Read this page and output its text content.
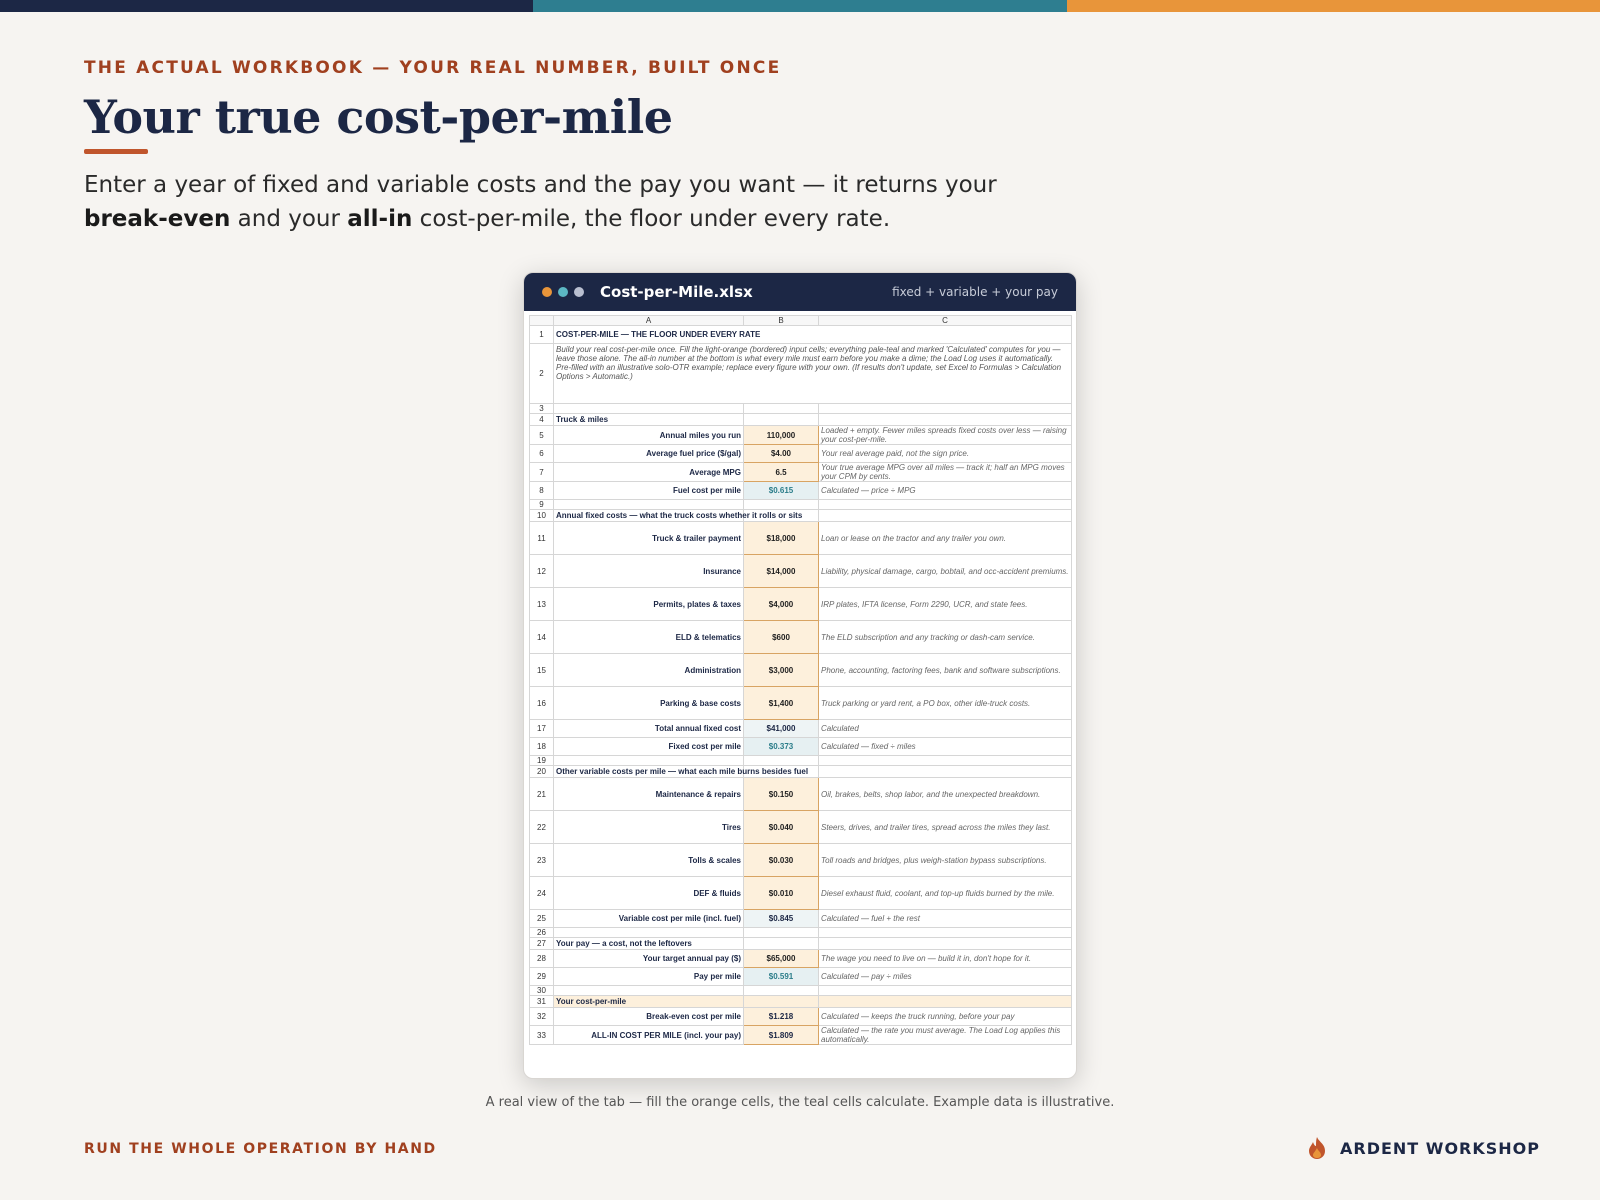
THE ACTUAL WORKBOOK — YOUR REAL NUMBER, BUILT ONCE
Your true cost-per-mile

Enter a year of fixed and variable costs and the pay you want — it returns your break-even and your all-in cost-per-mile, the floor under every rate.

Cost-per-Mile.xlsx	fixed + variable + your pay
	A	B	C
1	COST-PER-MILE — THE FLOOR UNDER EVERY RATE		
2	Build your real cost-per-mile once. Fill the light-orange (bordered) input cells; everything pale-teal and marked 'Calculated' computes for you — leave those alone. The all-in number at the bottom is what every mile must earn before you make a dime; the Load Log uses it automatically. Pre-filled with an illustrative solo-OTR example; replace every figure with your own. (If results don't update, set Excel to Formulas > Calculation Options > Automatic.)		
3			
4	Truck & miles		
5	Annual miles you run	110,000	Loaded + empty. Fewer miles spreads fixed costs over less — raising your cost-per-mile.
6	Average fuel price ($/gal)	$4.00	Your real average paid, not the sign price.
7	Average MPG	6.5	Your true average MPG over all miles — track it; half an MPG moves your CPM by cents.
8	Fuel cost per mile	$0.615	Calculated — price ÷ MPG
9			
10	Annual fixed costs — what the truck costs whether it rolls or sits		
11	Truck & trailer payment	$18,000	Loan or lease on the tractor and any trailer you own.
12	Insurance	$14,000	Liability, physical damage, cargo, bobtail, and occ-accident premiums.
13	Permits, plates & taxes	$4,000	IRP plates, IFTA license, Form 2290, UCR, and state fees.
14	ELD & telematics	$600	The ELD subscription and any tracking or dash-cam service.
15	Administration	$3,000	Phone, accounting, factoring fees, bank and software subscriptions.
16	Parking & base costs	$1,400	Truck parking or yard rent, a PO box, other idle-truck costs.
17	Total annual fixed cost	$41,000	Calculated
18	Fixed cost per mile	$0.373	Calculated — fixed ÷ miles
19			
20	Other variable costs per mile — what each mile burns besides fuel		
21	Maintenance & repairs	$0.150	Oil, brakes, belts, shop labor, and the unexpected breakdown.
22	Tires	$0.040	Steers, drives, and trailer tires, spread across the miles they last.
23	Tolls & scales	$0.030	Toll roads and bridges, plus weigh-station bypass subscriptions.
24	DEF & fluids	$0.010	Diesel exhaust fluid, coolant, and top-up fluids burned by the mile.
25	Variable cost per mile (incl. fuel)	$0.845	Calculated — fuel + the rest
26			
27	Your pay — a cost, not the leftovers		
28	Your target annual pay ($)	$65,000	The wage you need to live on — build it in, don't hope for it.
29	Pay per mile	$0.591	Calculated — pay ÷ miles
30			
31	Your cost-per-mile		
32	Break-even cost per mile	$1.218	Calculated — keeps the truck running, before your pay
33	ALL-IN COST PER MILE (incl. your pay)	$1.809	Calculated — the rate you must average. The Load Log applies this automatically.
A real view of the tab — fill the orange cells, the teal cells calculate. Example data is illustrative.
RUN THE WHOLE OPERATION BY HAND	ARDENT WORKSHOP
